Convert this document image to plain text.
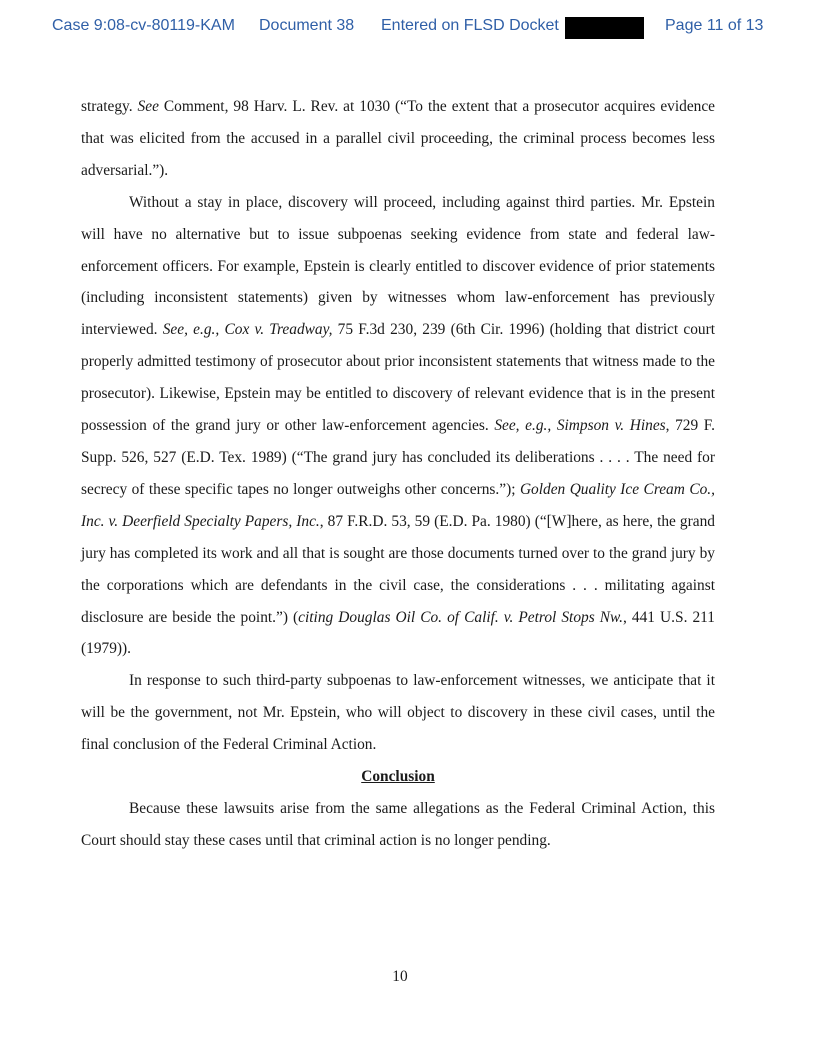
Case 9:08-cv-80119-KAM Document 38 Entered on FLSD Docket	Page 11 of 13

strategy. See Comment, 98 Harv. L. Rev. at 1030 (“To the extent that a prosecutor acquires evidence that was elicited from the accused in a parallel civil proceeding, the criminal process becomes less adversarial.”).

Without a stay in place, discovery will proceed, including against third parties. Mr. Epstein will have no alternative but to issue subpoenas seeking evidence from state and federal law-enforcement officers. For example, Epstein is clearly entitled to discover evidence of prior statements (including inconsistent statements) given by witnesses whom law-enforcement has previously interviewed. See, e.g., Cox v. Treadway, 75 F.3d 230, 239 (6th Cir. 1996) (holding that district court properly admitted testimony of prosecutor about prior inconsistent statements that witness made to the prosecutor). Likewise, Epstein may be entitled to discovery of relevant evidence that is in the present possession of the grand jury or other law-enforcement agencies. See, e.g., Simpson v. Hines, 729 F. Supp. 526, 527 (E.D. Tex. 1989) (“The grand jury has concluded its deliberations . . . . The need for secrecy of these specific tapes no longer outweighs other concerns.”); Golden Quality Ice Cream Co., Inc. v. Deerfield Specialty Papers, Inc., 87 F.R.D. 53, 59 (E.D. Pa. 1980) (“[W]here, as here, the grand jury has completed its work and all that is sought are those documents turned over to the grand jury by the corporations which are defendants in the civil case, the considerations . . . militating against disclosure are beside the point.”) (citing Douglas Oil Co. of Calif. v. Petrol Stops Nw., 441 U.S. 211 (1979)).

In response to such third-party subpoenas to law-enforcement witnesses, we anticipate that it will be the government, not Mr. Epstein, who will object to discovery in these civil cases, until the final conclusion of the Federal Criminal Action.

Conclusion

Because these lawsuits arise from the same allegations as the Federal Criminal Action, this Court should stay these cases until that criminal action is no longer pending.

10
